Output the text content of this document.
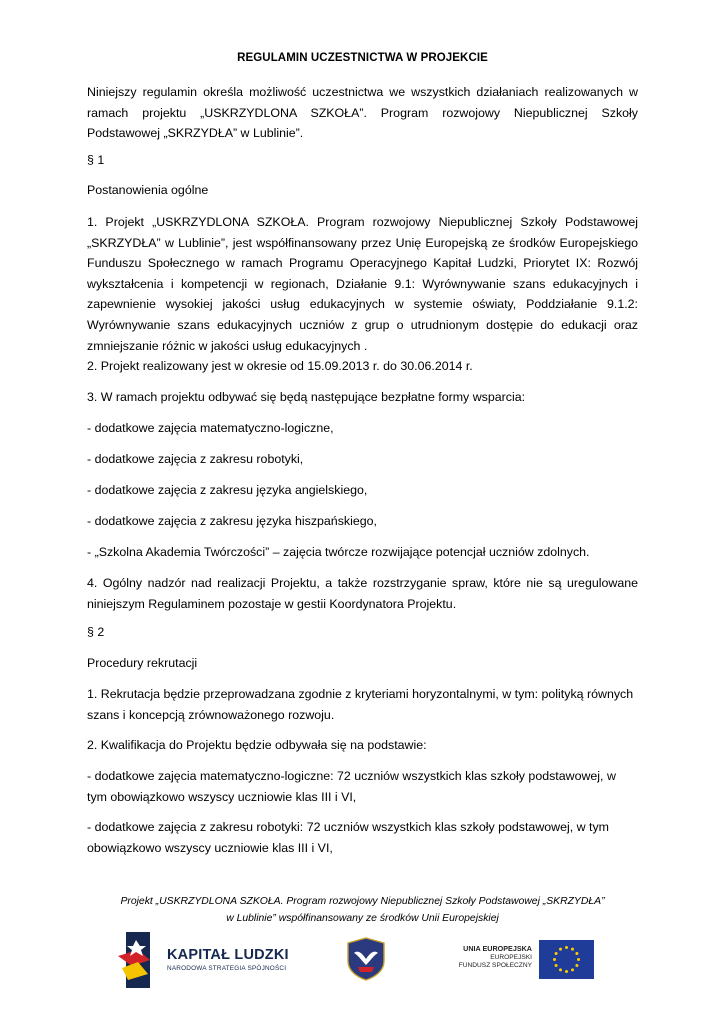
REGULAMIN UCZESTNICTWA W PROJEKCIE
Niniejszy regulamin określa możliwość uczestnictwa we wszystkich działaniach realizowanych w ramach projektu „USKRZYDLONA SZKOŁA”. Program rozwojowy Niepublicznej Szkoły Podstawowej „SKRZYDŁA” w Lublinie”.
§ 1
Postanowienia ogólne
1. Projekt „USKRZYDLONA SZKOŁA. Program rozwojowy Niepublicznej Szkoły Podstawowej „SKRZYDŁA” w Lublinie”, jest współfinansowany przez Unię Europejską ze środków Europejskiego Funduszu Społecznego w ramach Programu Operacyjnego Kapitał Ludzki, Priorytet IX: Rozwój wykształcenia i kompetencji w regionach, Działanie 9.1: Wyrównywanie szans edukacyjnych i zapewnienie wysokiej jakości usług edukacyjnych w systemie oświaty, Poddziałanie 9.1.2: Wyrównywanie szans edukacyjnych uczniów z grup o utrudnionym dostępie do edukacji oraz zmniejszanie różnic w jakości usług edukacyjnych .
2. Projekt realizowany jest w okresie od 15.09.2013 r. do 30.06.2014 r.
3. W ramach projektu odbywać się będą następujące bezpłatne formy wsparcia:
- dodatkowe zajęcia matematyczno-logiczne,
- dodatkowe zajęcia z zakresu robotyki,
- dodatkowe zajęcia z zakresu języka angielskiego,
- dodatkowe zajęcia z zakresu języka hiszpańskiego,
- „Szkolna Akademia Twórczości” – zajęcia twórcze rozwijające potencjał uczniów zdolnych.
4. Ogólny nadzór nad realizacji Projektu, a także rozstrzyganie spraw, które nie są uregulowane niniejszym Regulaminem pozostaje w gestii Koordynatora Projektu.
§ 2
Procedury rekrutacji
1. Rekrutacja będzie przeprowadzana zgodnie z kryteriami horyzontalnymi, w tym: polityką równych szans i koncepcją zrównoważonego rozwoju.
2. Kwalifikacja do Projektu będzie odbywała się na podstawie:
- dodatkowe zajęcia matematyczno-logiczne: 72 uczniów wszystkich klas szkoły podstawowej, w tym obowiązkowo wszyscy uczniowie klas III i VI,
- dodatkowe zajęcia z zakresu robotyki: 72 uczniów wszystkich klas szkoły podstawowej, w tym obowiązkowo wszyscy uczniowie klas III i VI,
Projekt „USKRZYDLONA SZKOŁA. Program rozwojowy Niepublicznej Szkoły Podstawowej „SKRZYDŁA”
w Lublinie” współfinansowany ze środków Unii Europejskiej
KAPITAŁ LUDZKI
NARODOWA STRATEGIA SPÓJNOŚCI
UNIA EUROPEJSKA
EUROPEJSKI
FUNDUSZ SPOŁECZNY
